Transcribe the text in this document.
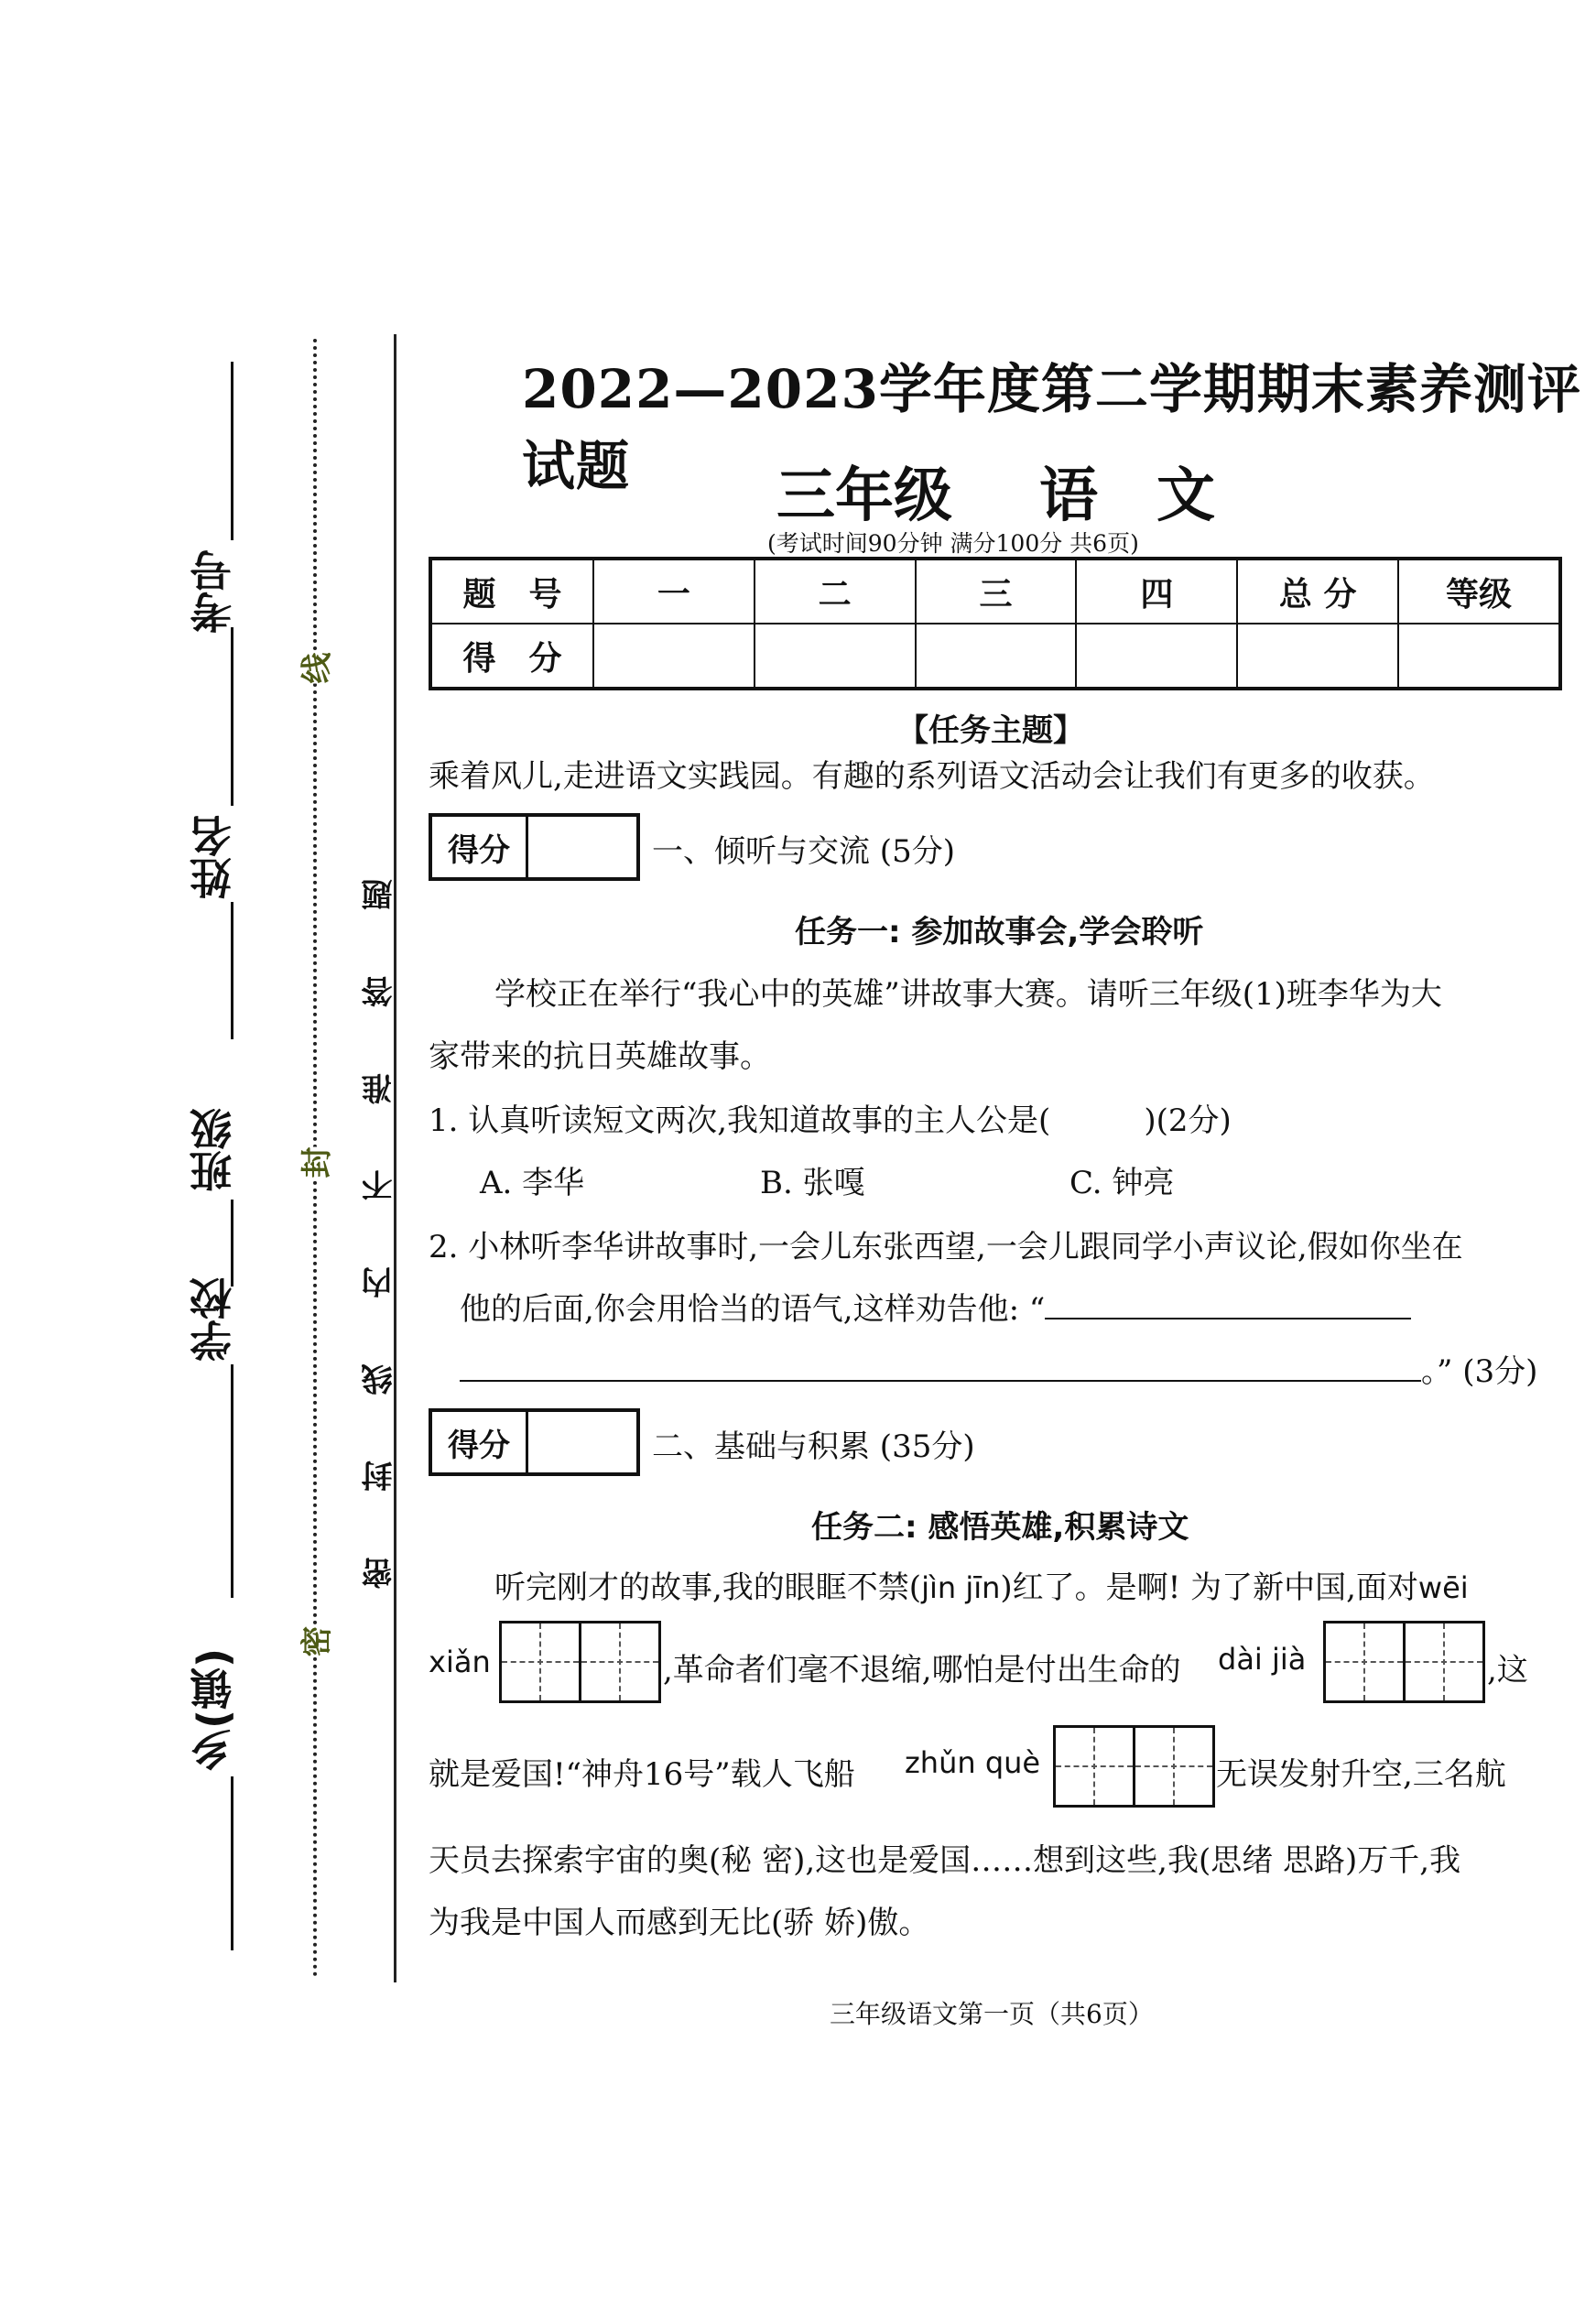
考号
姓名
班级
学校
乡(镇)
线
封
密
密 封 线 内 不 准 答 题
2022—2023学年度第二学期期末素养测评试题	三年级 语　文
(考试时间90分钟 满分100分 共6页)
题　号	一	二	三	四	总 分	等级
得　分						
【任务主题】
乘着风儿,走进语文实践园。有趣的系列语文活动会让我们有更多的收获。
得分	一、倾听与交流 (5分)
任务一: 参加故事会,学会聆听
学校正在举行“我心中的英雄”讲故事大赛。请听三年级(1)班李华为大
家带来的抗日英雄故事。
1. 认真听读短文两次,我知道故事的主人公是(　　　)(2分)
A. 李华	B. 张嘎	C. 钟亮
2. 小林听李华讲故事时,一会儿东张西望,一会儿跟同学小声议论,假如你坐在
他的后面,你会用恰当的语气,这样劝告他: “
。” (3分)
得分	二、基础与积累 (35分)
任务二: 感悟英雄,积累诗文
听完刚才的故事,我的眼眶不禁(jìn jīn)红了。是啊! 为了新中国,面对wēi
xiǎn	,革命者们毫不退缩,哪怕是付出生命的 dài jià	,这
就是爱国!“神舟16号”载人飞船 zhǔn què	无误发射升空,三名航
天员去探索宇宙的奥(秘 密),这也是爱国……想到这些,我(思绪 思路)万千,我
为我是中国人而感到无比(骄 娇)傲。
三年级语文第一页（共6页）
